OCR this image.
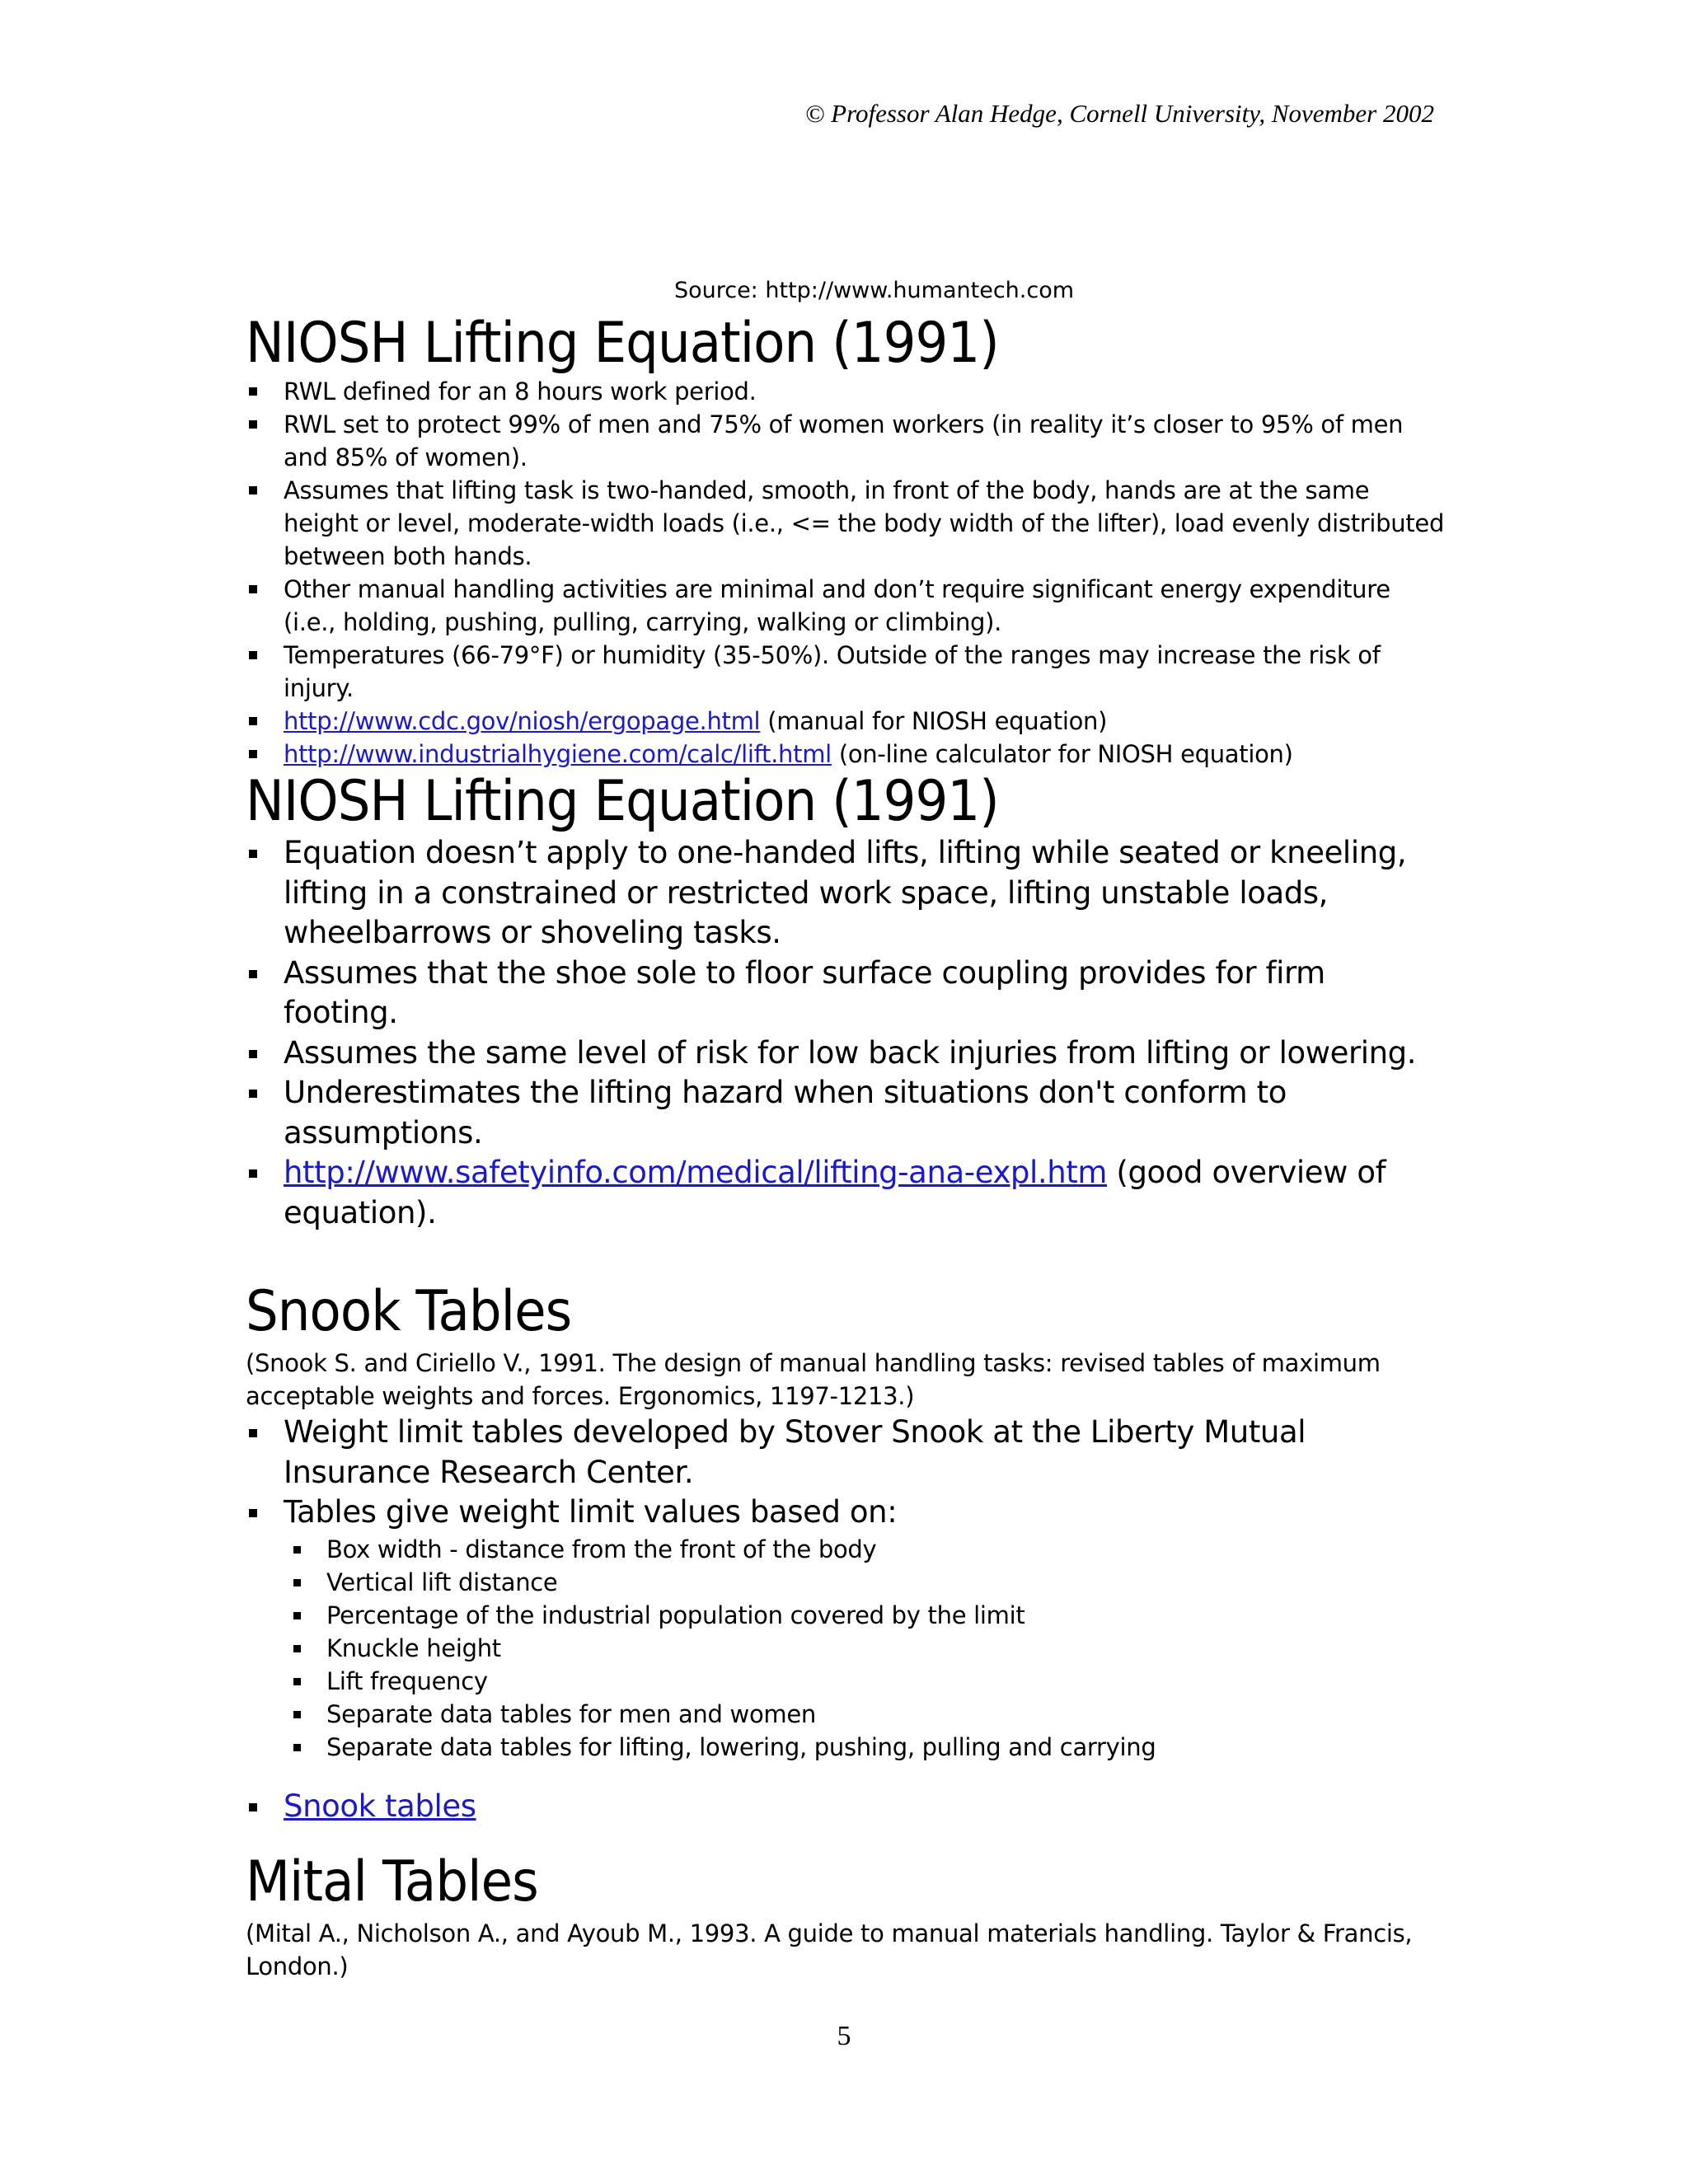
© Professor Alan Hedge, Cornell University, November 2002
Source: http://www.humantech.com
NIOSH Lifting Equation (1991)
RWL defined for an 8 hours work period.
RWL set to protect 99% of men and 75% of women workers (in reality it’s closer to 95% of men and 85% of women).
Assumes that lifting task is two-handed, smooth, in front of the body, hands are at the same height or level, moderate-width loads (i.e., <= the body width of the lifter), load evenly distributed between both hands.
Other manual handling activities are minimal and don’t require significant energy expenditure (i.e., holding, pushing, pulling, carrying, walking or climbing).
Temperatures (66-79°F) or humidity (35-50%). Outside of the ranges may increase the risk of injury.
http://www.cdc.gov/niosh/ergopage.html (manual for NIOSH equation)
http://www.industrialhygiene.com/calc/lift.html (on-line calculator for NIOSH equation)
NIOSH Lifting Equation (1991)
Equation doesn’t apply to one-handed lifts, lifting while seated or kneeling, lifting in a constrained or restricted work space, lifting unstable loads, wheelbarrows or shoveling tasks.
Assumes that the shoe sole to floor surface coupling provides for firm footing.
Assumes the same level of risk for low back injuries from lifting or lowering.
Underestimates the lifting hazard when situations don't conform to assumptions.
http://www.safetyinfo.com/medical/lifting-ana-expl.htm (good overview of equation).
Snook Tables
(Snook S. and Ciriello V., 1991. The design of manual handling tasks: revised tables of maximum acceptable weights and forces. Ergonomics, 1197-1213.)
Weight limit tables developed by Stover Snook at the Liberty Mutual Insurance Research Center.
Tables give weight limit values based on:
Box width - distance from the front of the body
Vertical lift distance
Percentage of the industrial population covered by the limit
Knuckle height
Lift frequency
Separate data tables for men and women
Separate data tables for lifting, lowering, pushing, pulling and carrying
Snook tables
Mital Tables
(Mital A., Nicholson A., and Ayoub M., 1993. A guide to manual materials handling. Taylor & Francis, London.)
5
